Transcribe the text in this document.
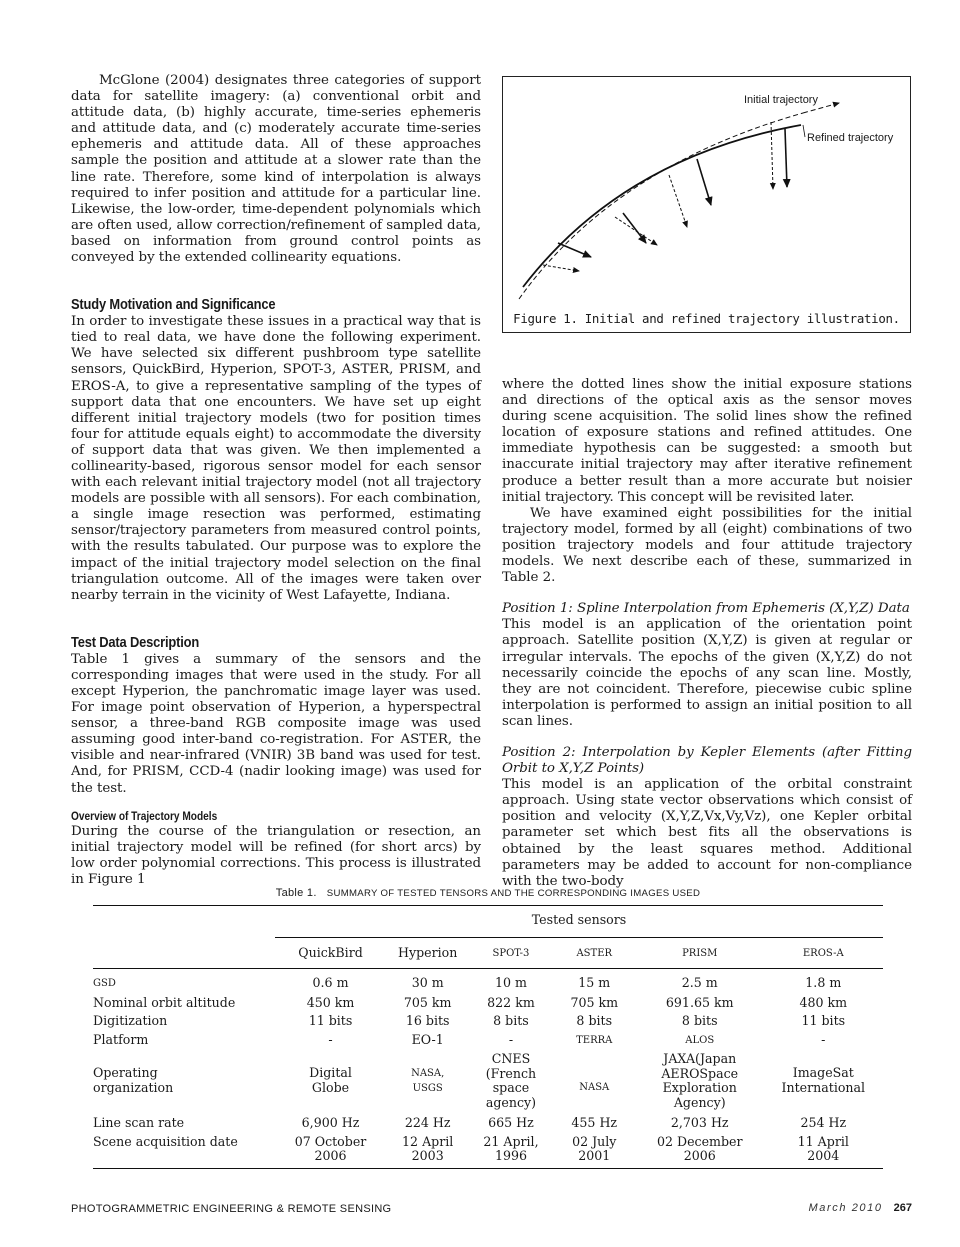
McGlone (2004) designates three categories of support data for satellite imagery: (a) conventional orbit and attitude data, (b) highly accurate, time-series ephemeris and attitude data, and (c) moderately accurate time-series ephemeris and attitude data. All of these approaches sample the position and attitude at a slower rate than the line rate. Therefore, some kind of interpolation is always required to infer position and attitude for a particular line. Likewise, the low-order, time-dependent polynomials which are often used, allow correction/refinement of sampled data, based on information from ground control points as conveyed by the extended collinearity equations.

Study Motivation and Significance

In order to investigate these issues in a practical way that is tied to real data, we have done the following experiment. We have selected six different pushbroom type satellite sensors, QuickBird, Hyperion, SPOT-3, ASTER, PRISM, and EROS-A, to give a representative sampling of the types of support data that one encounters. We have set up eight different initial trajectory models (two for position times four for attitude equals eight) to accommodate the diversity of support data that was given. We then implemented a collinearity-based, rigorous sensor model for each sensor with each relevant initial trajectory model (not all trajectory models are possible with all sensors). For each combination, a single image resection was performed, estimating sensor/trajectory parameters from measured control points, with the results tabulated. Our purpose was to explore the impact of the initial trajectory model selection on the final triangulation outcome. All of the images were taken over nearby terrain in the vicinity of West Lafayette, Indiana.

Test Data Description

Table 1 gives a summary of the sensors and the corresponding images that were used in the study. For all except Hyperion, the panchromatic image layer was used. For image point observation of Hyperion, a hyperspectral sensor, a three-band RGB composite image was used assuming good inter-band co-registration. For ASTER, the visible and near-infrared (VNIR) 3B band was used for test. And, for PRISM, CCD-4 (nadir looking image) was used for the test.

Overview of Trajectory Models

During the course of the triangulation or resection, an initial trajectory model will be refined (for short arcs) by low order polynomial corrections. This process is illustrated in Figure 1

Initial trajectory
Refined trajectory
Figure 1. Initial and refined trajectory illustration.

where the dotted lines show the initial exposure stations and directions of the optical axis as the sensor moves during scene acquisition. The solid lines show the refined location of exposure stations and refined attitudes. One immediate hypothesis can be suggested: a smooth but inaccurate initial trajectory may after iterative refinement produce a better result than a more accurate but noisier initial trajectory. This concept will be revisited later.

We have examined eight possibilities for the initial trajectory model, formed by all (eight) combinations of two position trajectory models and four attitude trajectory models. We next describe each of these, summarized in Table 2.

Position 1: Spline Interpolation from Ephemeris (X,Y,Z) Data

This model is an application of the orientation point approach. Satellite position (X,Y,Z) is given at regular or irregular intervals. The epochs of the given (X,Y,Z) do not necessarily coincide the epochs of any scan line. Mostly, they are not coincident. Therefore, piecewise cubic spline interpolation is performed to assign an initial position to all scan lines.

Position 2: Interpolation by Kepler Elements (after Fitting Orbit to X,Y,Z Points)

This model is an application of the orbital constraint approach. Using state vector observations which consist of position and velocity (X,Y,Z,Vx,Vy,Vz), one Kepler orbital parameter set which best fits all the observations is obtained by the least squares method. Additional parameters may be added to account for non-compliance with the two-body

Table 1. SUMMARY OF TESTED TENSORS AND THE CORRESPONDING IMAGES USED
	Tested sensors					
	QuickBird	Hyperion	SPOT-3	ASTER	PRISM	EROS-A
GSD	0.6 m	30 m	10 m	15 m	2.5 m	1.8 m
Nominal orbit altitude	450 km	705 km	822 km	705 km	691.65 km	480 km
Digitization	11 bits	16 bits	8 bits	8 bits	8 bits	11 bits
Platform	-	EO-1	-	TERRA	ALOS	-
Operating organization	Digital Globe	NASA, USGS	CNES (French space agency)	NASA	JAXA(Japan AEROSpace Exploration Agency)	ImageSat International

Line scan rate	6,900 Hz	224 Hz	665 Hz	455 Hz	2,703 Hz	254 Hz
Scene acquisition date	07 October 2006	12 April 2003	21 April, 1996	02 July 2001	02 December 2006	11 April 2004
PHOTOGRAMMETRIC ENGINEERING & REMOTE SENSING	March 2010 267
